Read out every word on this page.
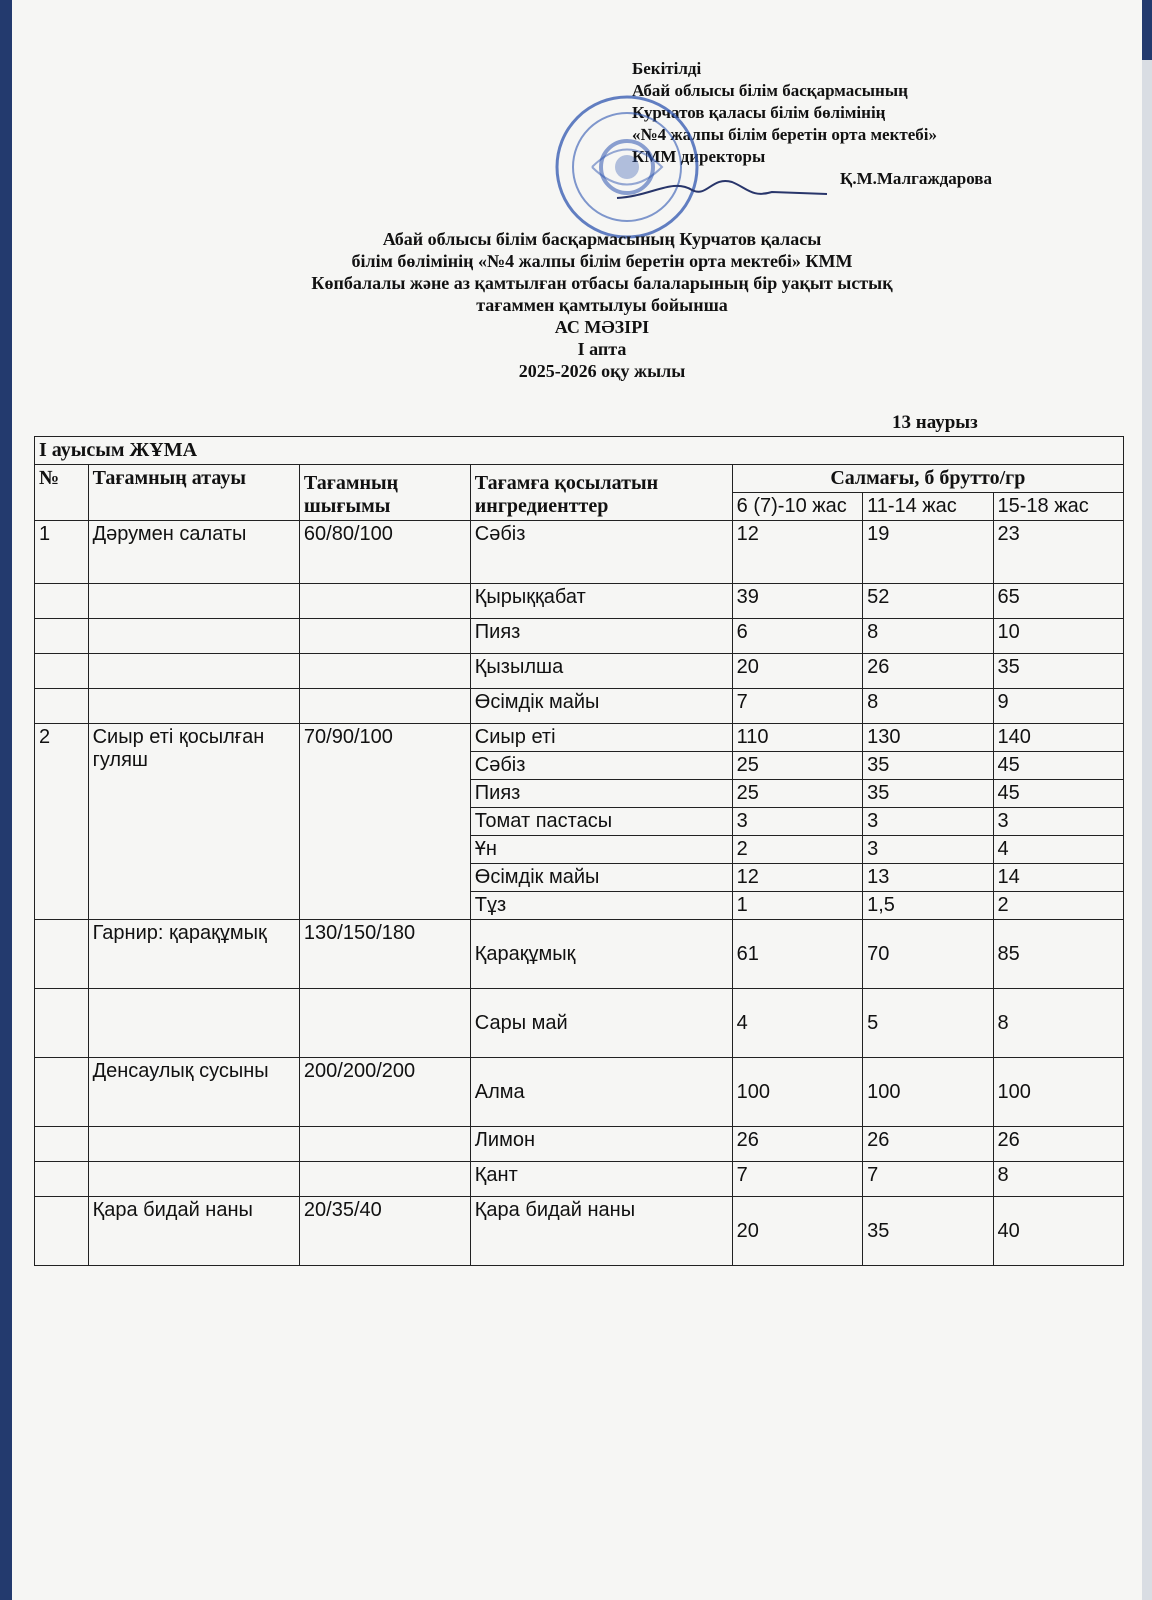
Бекітілді
Абай облысы білім басқармасының
Курчатов қаласы білім бөлімінің
«№4 жалпы білім беретін орта мектебі»
КММ директоры
Қ.М.Малгаждарова
Абай облысы білім басқармасының Курчатов қаласы
білім бөлімінің «№4 жалпы білім беретін орта мектебі» КММ
Көпбалалы және аз қамтылған отбасы балаларының бір уақыт ыстық
тағаммен қамтылуы бойынша
АС МӘЗІРІ
І апта
2025-2026 оқу жылы
13 наурыз
І ауысым ЖҰМА						
№	Тағамның атауы	Тағамның шығымы	Тағамға қосылатын ингредиенттер	Салмағы, б брутто/гр		
				6 (7)-10 жас	11-14 жас	15-18 жас
1	Дәрумен салаты	60/80/100	Сәбіз	12	19	23
			Қырыққабат	39	52	65
			Пияз	6	8	10
			Қызылша	20	26	35
			Өсімдік майы	7	8	9
2	Сиыр еті қосылған гуляш	70/90/100	Сиыр еті	110	130	140
			Сәбіз	25	35	45
			Пияз	25	35	45
			Томат пастасы	3	3	3
			Ұн	2	3	4
			Өсімдік майы	12	13	14
			Тұз	1	1,5	2
	Гарнир: қарақұмық	130/150/180	Қарақұмық	61	70	85
			Сары май	4	5	8
	Денсаулық сусыны	200/200/200	Алма	100	100	100
			Лимон	26	26	26
			Қант	7	7	8
	Қара бидай наны	20/35/40	Қара бидай наны	20	35	40
